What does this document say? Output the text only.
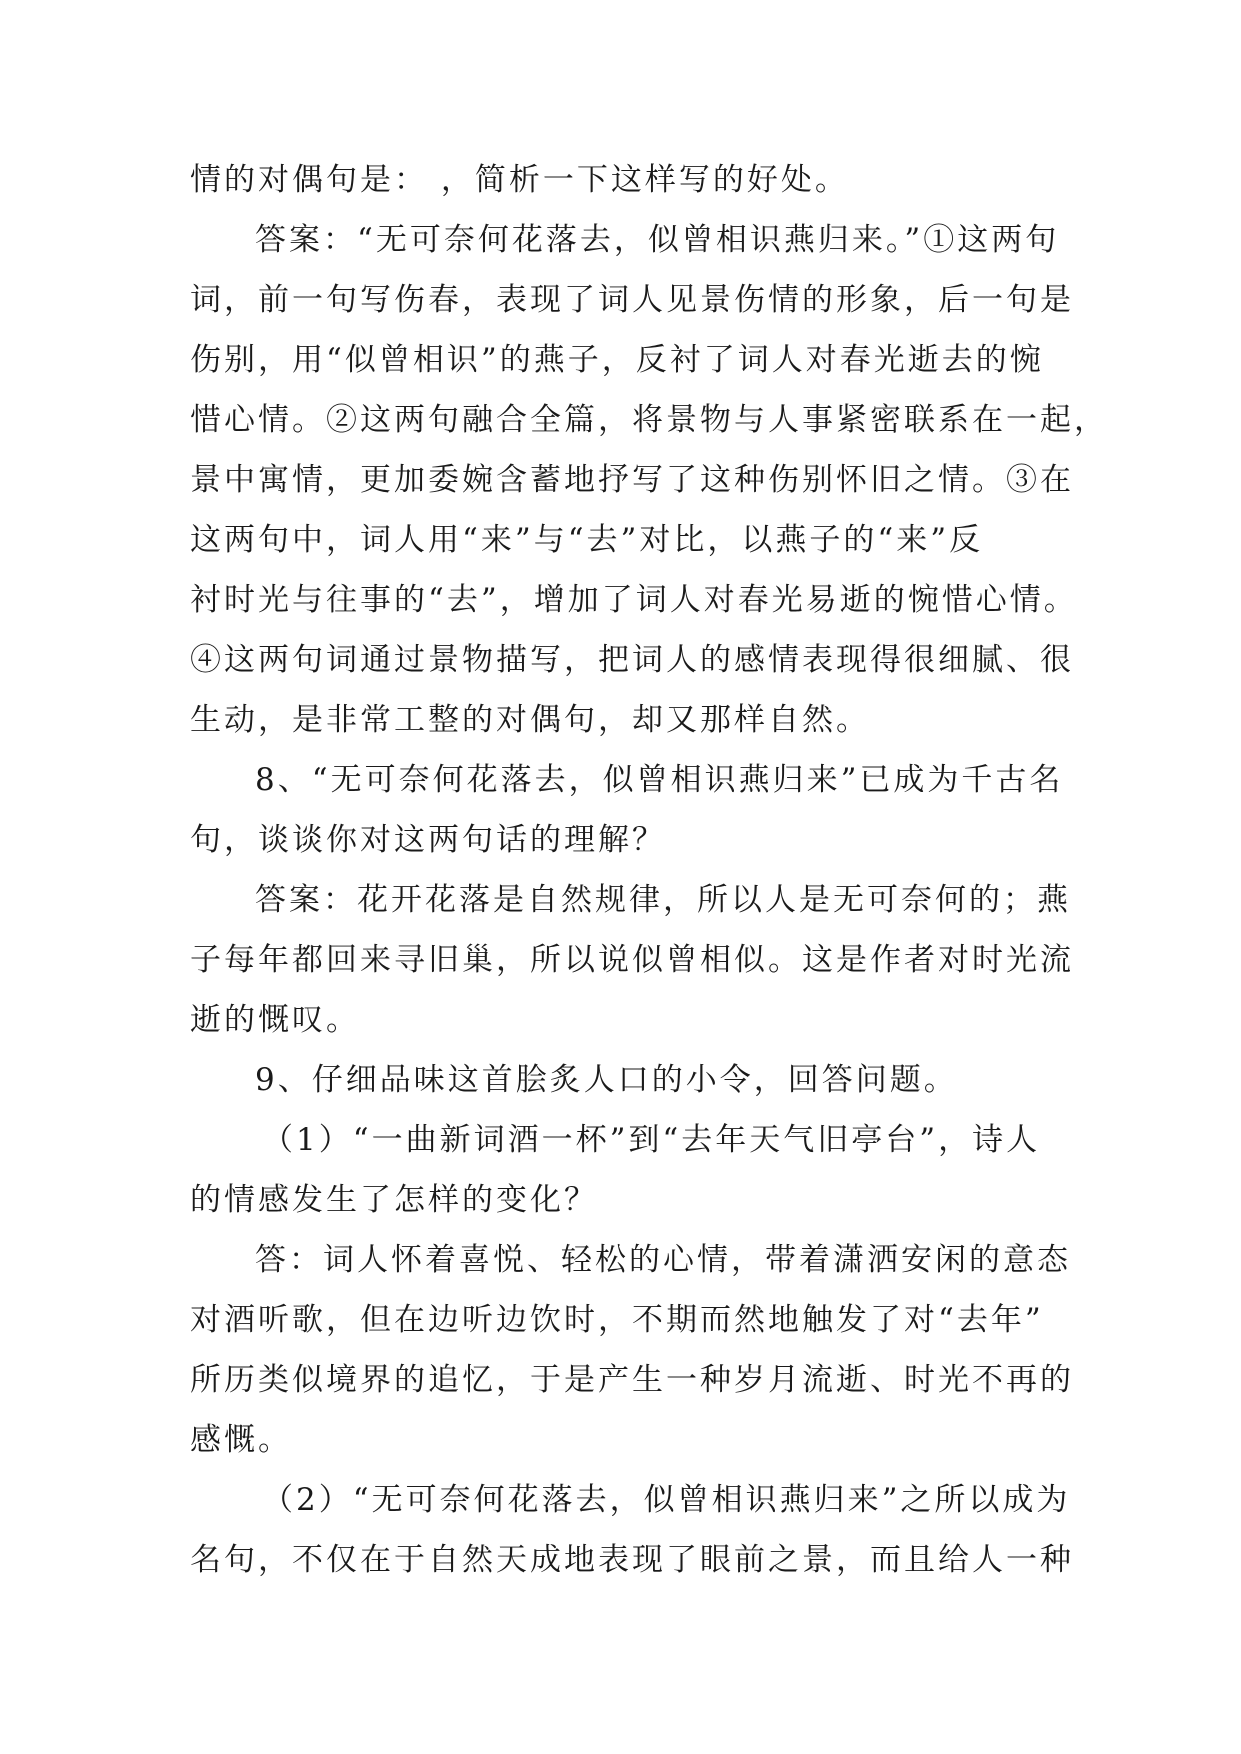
情的对偶句是： ，简析一下这样写的好处。

答案：“无可奈何花落去，似曾相识燕归来。”①这两句

词，前一句写伤春，表现了词人见景伤情的形象，后一句是

伤别，用“似曾相识”的燕子，反衬了词人对春光逝去的惋

惜心情。②这两句融合全篇，将景物与人事紧密联系在一起，

景中寓情，更加委婉含蓄地抒写了这种伤别怀旧之情。③在

这两句中，词人用“来”与“去”对比，以燕子的“来”反

衬时光与往事的“去”，增加了词人对春光易逝的惋惜心情。

④这两句词通过景物描写，把词人的感情表现得很细腻、很

生动，是非常工整的对偶句，却又那样自然。

8、“无可奈何花落去，似曾相识燕归来”已成为千古名

句，谈谈你对这两句话的理解？

答案：花开花落是自然规律，所以人是无可奈何的；燕

子每年都回来寻旧巢，所以说似曾相似。这是作者对时光流

逝的慨叹。

9、仔细品味这首脍炙人口的小令，回答问题。

（1）“一曲新词酒一杯”到“去年天气旧亭台”，诗人

的情感发生了怎样的变化？

答：词人怀着喜悦、轻松的心情，带着潇洒安闲的意态

对酒听歌，但在边听边饮时，不期而然地触发了对“去年”

所历类似境界的追忆，于是产生一种岁月流逝、时光不再的

感慨。

（2）“无可奈何花落去，似曾相识燕归来”之所以成为

名句，不仅在于自然天成地表现了眼前之景，而且给人一种
